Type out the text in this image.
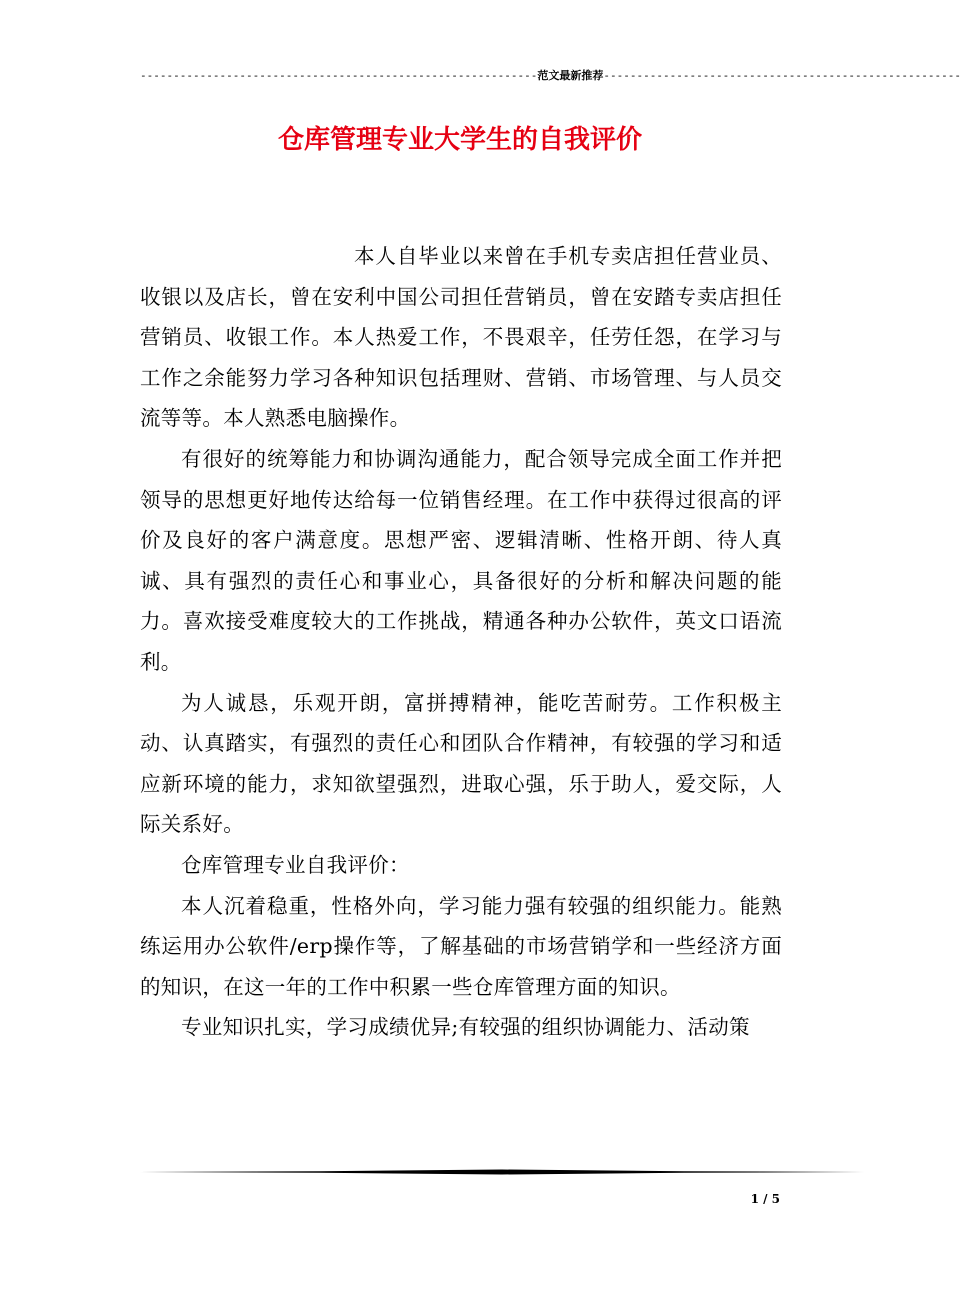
------------------------------------------------------------范文最新推荐------------------------------------------------------
仓库管理专业大学生的自我评价

本人自毕业以来曾在手机专卖店担任营业员、收银以及店长，曾在安利中国公司担任营销员，曾在安踏专卖店担任营销员、收银工作。本人热爱工作，不畏艰辛，任劳任怨，在学习与工作之余能努力学习各种知识包括理财、营销、市场管理、与人员交流等等。本人熟悉电脑操作。

有很好的统筹能力和协调沟通能力，配合领导完成全面工作并把领导的思想更好地传达给每一位销售经理。在工作中获得过很高的评价及良好的客户满意度。思想严密、逻辑清晰、性格开朗、待人真诚、具有强烈的责任心和事业心，具备很好的分析和解决问题的能力。喜欢接受难度较大的工作挑战，精通各种办公软件，英文口语流利。

为人诚恳，乐观开朗，富拼搏精神，能吃苦耐劳。工作积极主动、认真踏实，有强烈的责任心和团队合作精神，有较强的学习和适应新环境的能力，求知欲望强烈，进取心强，乐于助人，爱交际，人际关系好。

仓库管理专业自我评价：

本人沉着稳重，性格外向，学习能力强有较强的组织能力。能熟练运用办公软件/erp操作等，了解基础的市场营销学和一些经济方面的知识，在这一年的工作中积累一些仓库管理方面的知识。

专业知识扎实，学习成绩优异;有较强的组织协调能力、活动策

1 / 5
